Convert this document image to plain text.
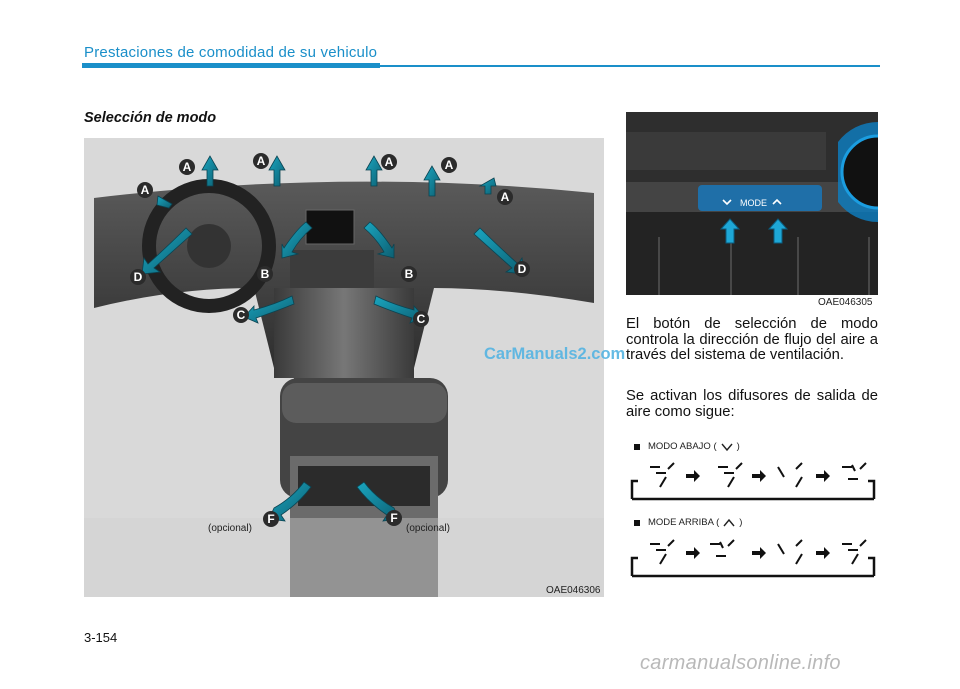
Prestaciones de comodidad de su vehiculo
Selección de modo
A	A	A	A
A	A
B	B
C	C
D
D
F	F
(opcional)	(opcional)
OAE046306
MODE
OAE046305
El botón de selección de modo controla la dirección de flujo del aire a través del sistema de ventilación.
Se activan los difusores de salida de aire como sigue:
MODO ABAJO ( )
MODE ARRIBA ( )
CarManuals2.com
3-154
carmanualsonline.info
